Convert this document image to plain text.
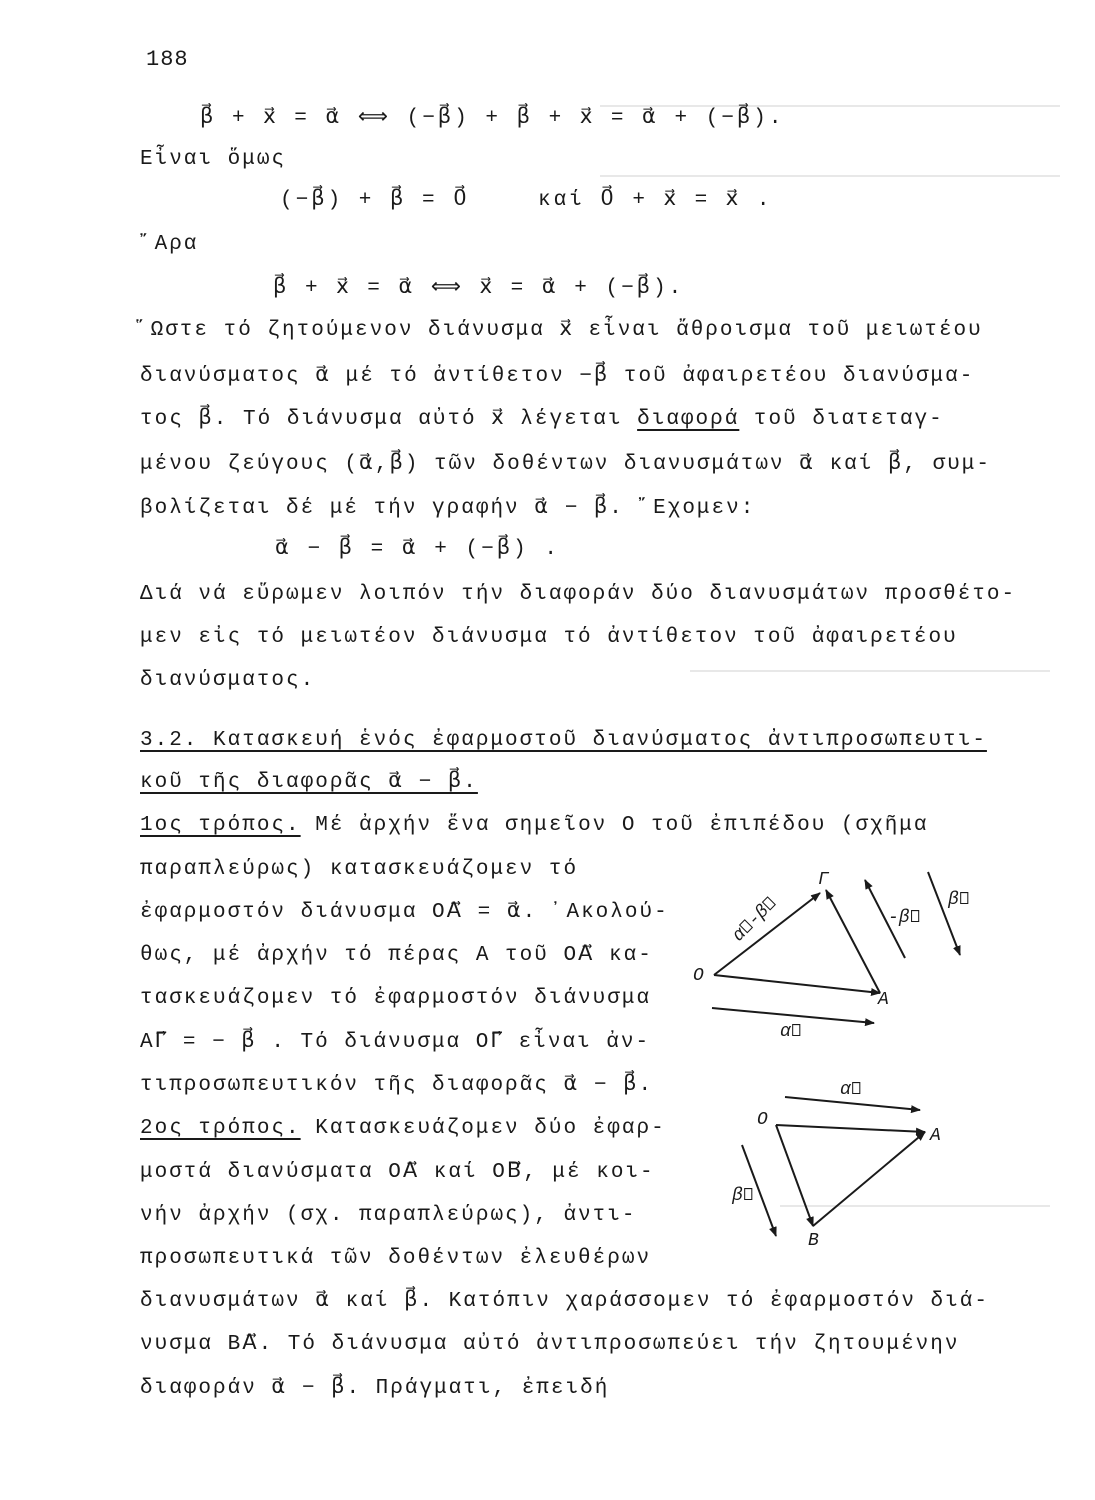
188
β⃗ + x⃗ = α⃗ ⟺ (−β⃗) + β⃗ + x⃗ = α⃗ + (−β⃗).
Εἶναι ὅμως
(−β⃗) + β⃗ = 0⃗	καί 0⃗ + x⃗ = x⃗ .
῎Αρα
β⃗ + x⃗ = α⃗ ⟺ x⃗ = α⃗ + (−β⃗).
῞Ωστε τό ζητούμενον διάνυσμα x⃗ εἶναι ἄθροισμα τοῦ μειωτέου
διανύσματος α⃗ μέ τό ἀντίθετον −β⃗ τοῦ ἀφαιρετέου διανύσμα-
τος β⃗. Τό διάνυσμα αὐτό x⃗ λέγεται διαφορά τοῦ διατεταγ-
μένου ζεύγους (α⃗,β⃗) τῶν δοθέντων διανυσμάτων α⃗ καί β⃗, συμ-
βολίζεται δέ μέ τήν γραφήν α⃗ − β⃗. ῎Εχομεν:
α⃗ − β⃗ = α⃗ + (−β⃗) .
Διά νά εὕρωμεν λοιπόν τήν διαφοράν δύο διανυσμάτων προσθέτο-
μεν εἰς τό μειωτέον διάνυσμα τό ἀντίθετον τοῦ ἀφαιρετέου
διανύσματος.
3.2. Κατασκευή ἑνός ἐφαρμοστοῦ διανύσματος ἀντιπροσωπευτι-
κοῦ τῆς διαφορᾶς α⃗ − β⃗.
1ος τρόπος. Μέ ἀρχήν ἕνα σημεῖον Ο τοῦ ἐπιπέδου (σχῆμα
παραπλεύρως) κατασκευάζομεν τό
ἐφαρμοστόν διάνυσμα ΟΑ⃗ = α⃗. ᾿Ακολού-
θως, μέ ἀρχήν τό πέρας Α τοῦ ΟΑ⃗ κα-
τασκευάζομεν τό ἐφαρμοστόν διάνυσμα
ΑΓ⃗ = − β⃗ . Τό διάνυσμα ΟΓ⃗ εἶναι ἀν-
τιπροσωπευτικόν τῆς διαφορᾶς α⃗ − β⃗.
2ος τρόπος. Κατασκευάζομεν δύο ἐφαρ-
μοστά διανύσματα ΟΑ⃗ καί ΟΒ⃗, μέ κοι-
νήν ἀρχήν (σχ. παραπλεύρως), ἀντι-
προσωπευτικά τῶν δοθέντων ἐλευθέρων
διανυσμάτων α⃗ καί β⃗. Κατόπιν χαράσσομεν τό ἐφαρμοστόν διά-
νυσμα ΒΑ⃗. Τό διάνυσμα αὐτό ἀντιπροσωπεύει τήν ζητουμένην
διαφοράν α⃗ − β⃗. Πράγματι, ἐπειδή
O
A
Γ
α⃗
α⃗-β⃗	-β⃗
β⃗
O
A
B
α⃗
β⃗
